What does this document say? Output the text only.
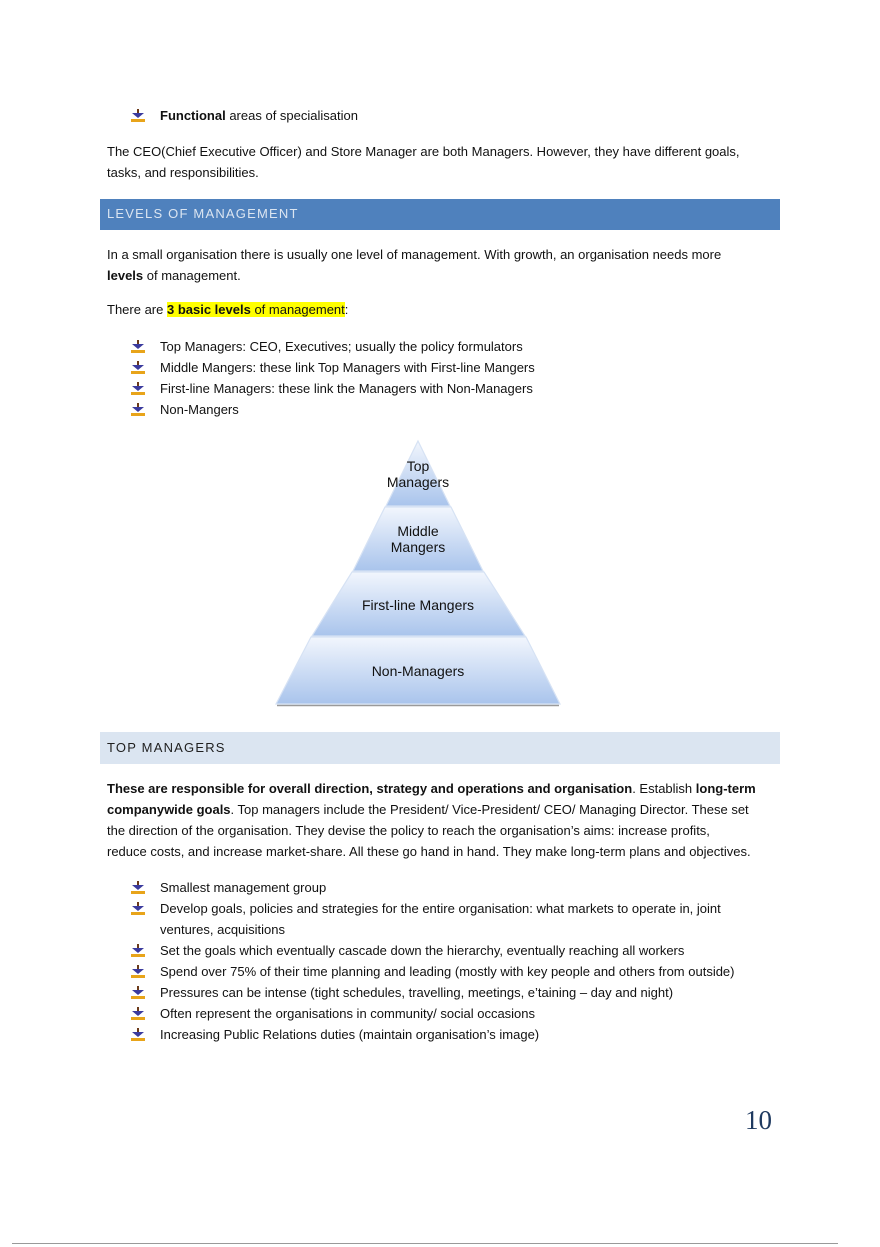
Functional areas of specialisation
The CEO(Chief Executive Officer) and Store Manager are both Managers. However, they have different goals,
tasks, and responsibilities.
LEVELS OF MANAGEMENT
In a small organisation there is usually one level of management. With growth, an organisation needs more
levels of management.
There are 3 basic levels of management:
Top Managers: CEO, Executives; usually the policy formulators
Middle Mangers: these link Top Managers with First-line Mangers
First-line Managers: these link the Managers with Non-Managers
Non-Mangers
Top
Managers
Middle
Mangers
First-line Mangers
Non-Managers
TOP MANAGERS
These are responsible for overall direction, strategy and operations and organisation. Establish long-term
companywide goals. Top managers include the President/ Vice-President/ CEO/ Managing Director. These set
the direction of the organisation. They devise the policy to reach the organisation’s aims: increase profits,
reduce costs, and increase market-share. All these go hand in hand. They make long-term plans and objectives.
Smallest management group
Develop goals, policies and strategies for the entire organisation: what markets to operate in, joint
ventures, acquisitions
Set the goals which eventually cascade down the hierarchy, eventually reaching all workers
Spend over 75% of their time planning and leading (mostly with key people and others from outside)
Pressures can be intense (tight schedules, travelling, meetings, e’taining – day and night)
Often represent the organisations in community/ social occasions
Increasing Public Relations duties (maintain organisation’s image)
10
